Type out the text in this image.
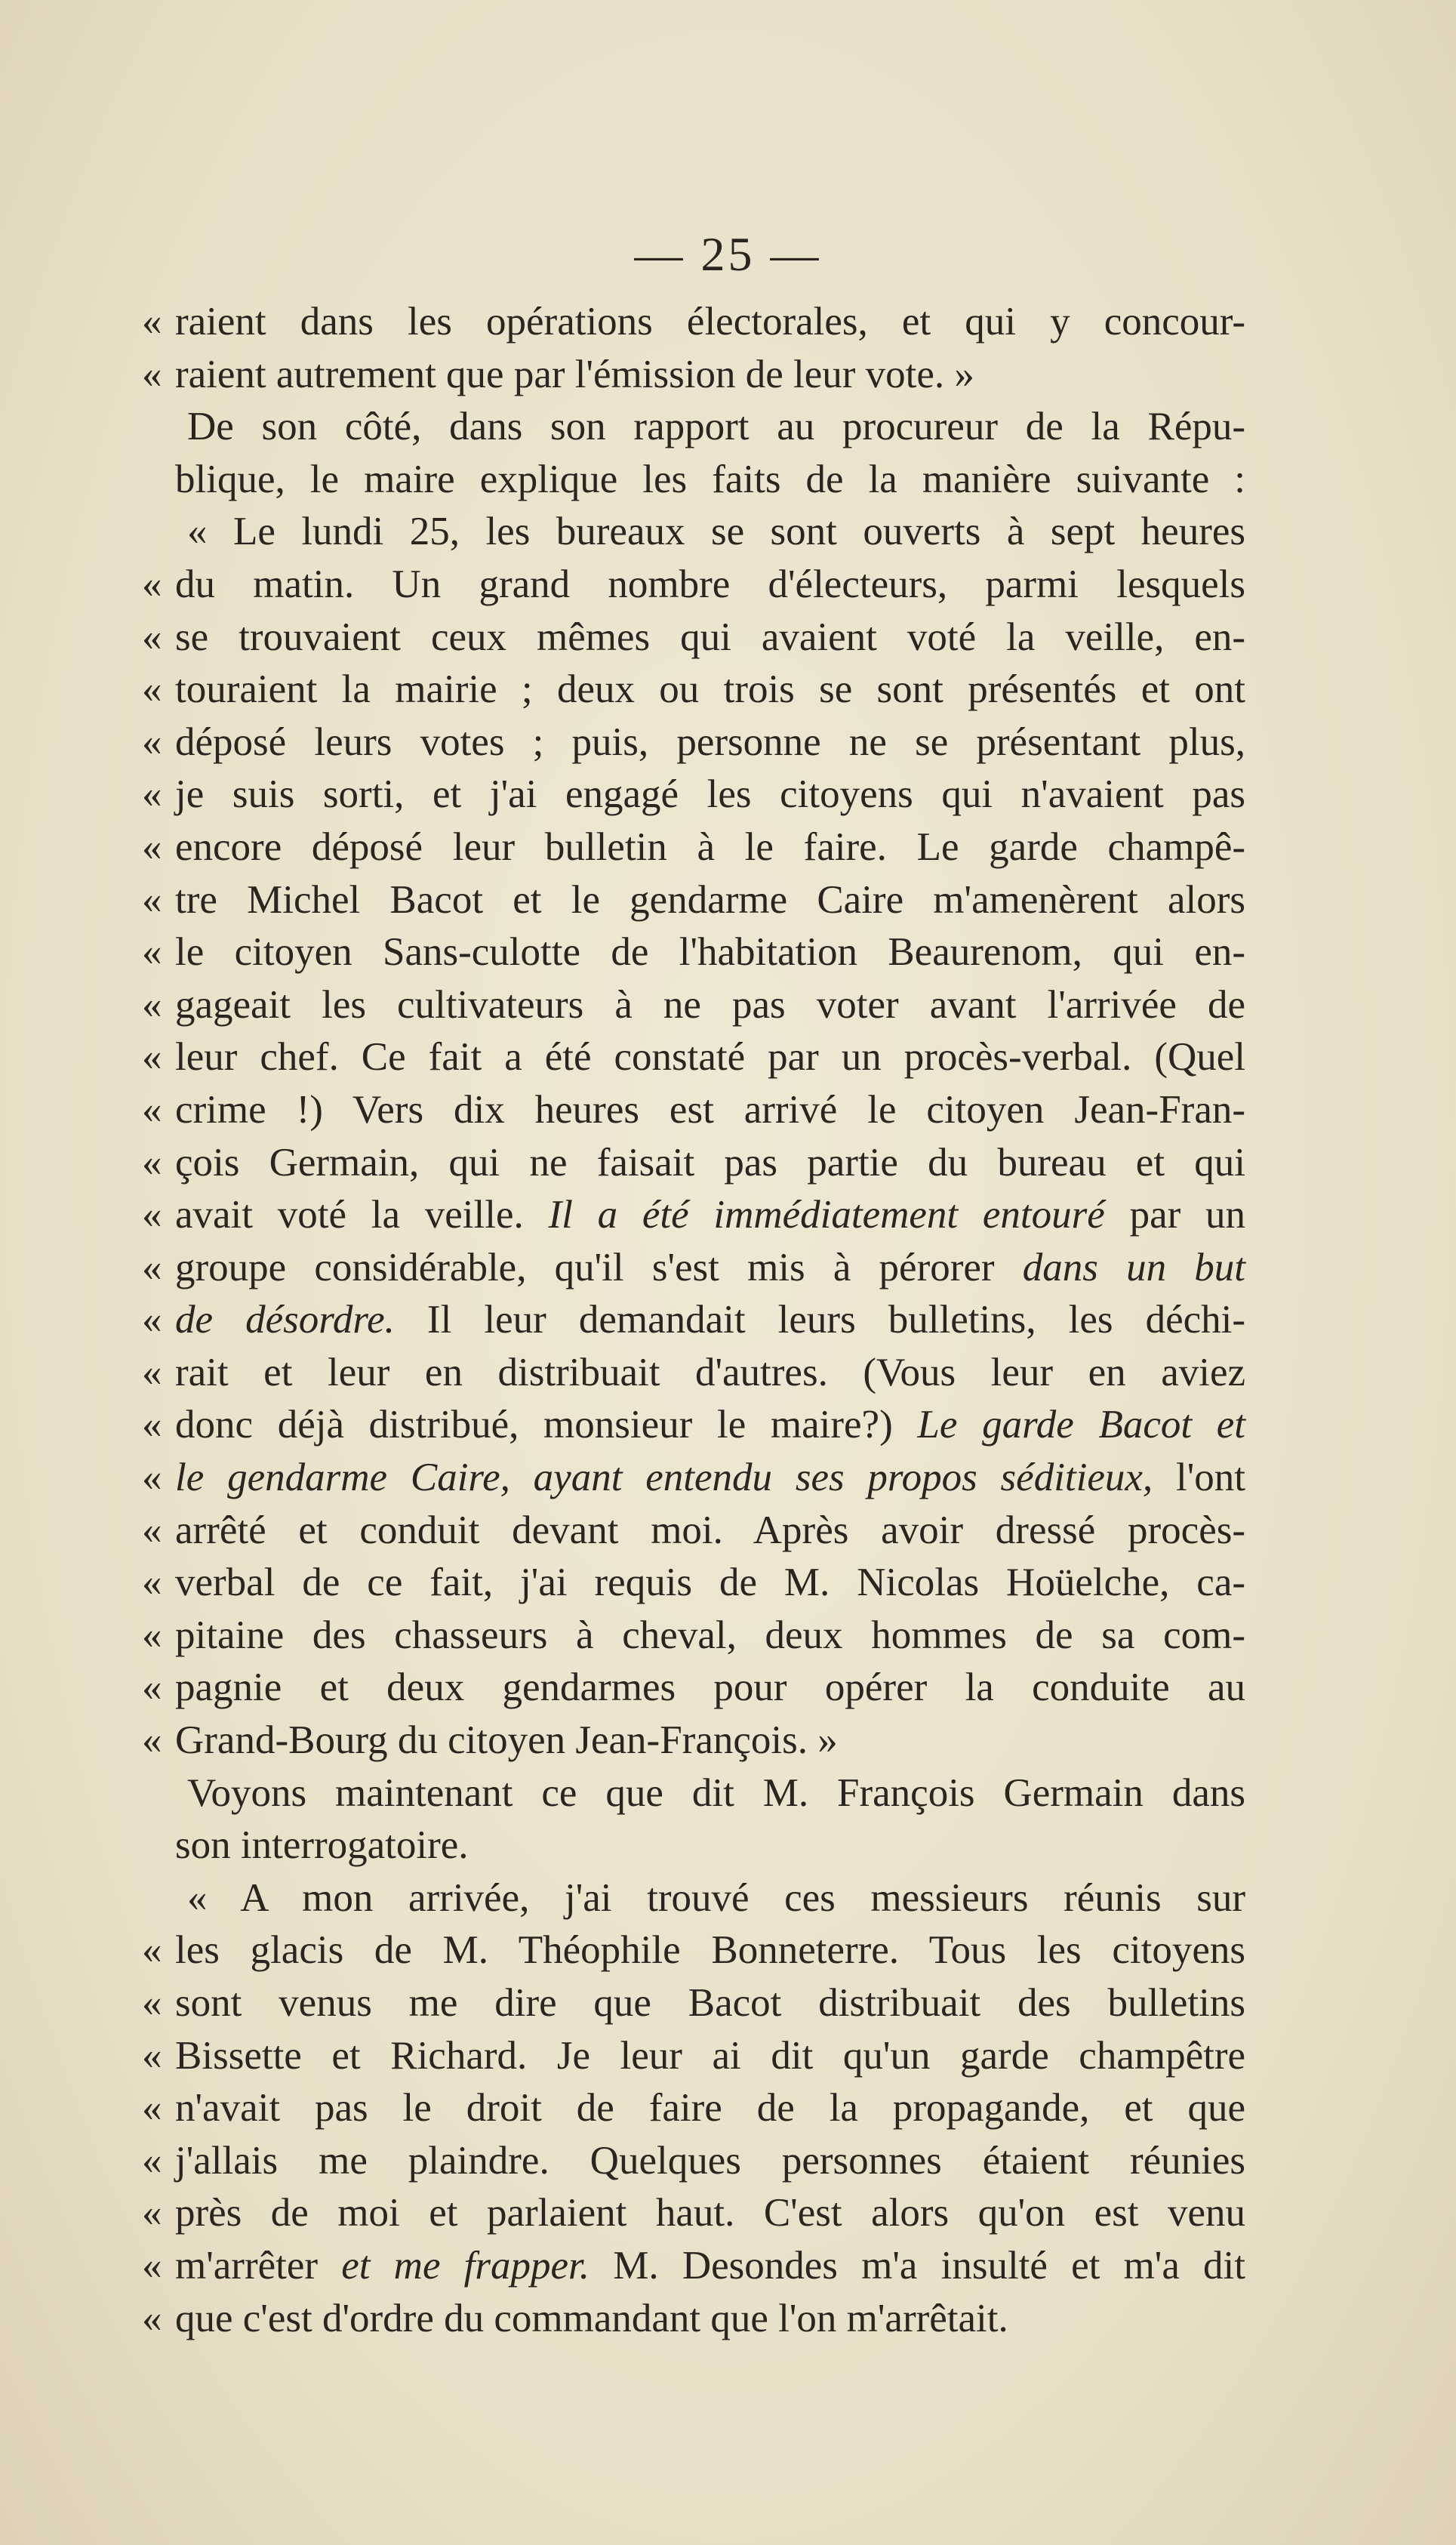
— 25 —
« raient dans les opérations électorales, et qui y concour-
« raient autrement que par l'émission de leur vote. »
De son côté, dans son rapport au procureur de la Répu-
blique, le maire explique les faits de la manière suivante :
« Le lundi 25, les bureaux se sont ouverts à sept heures
« du matin. Un grand nombre d'électeurs, parmi lesquels
« se trouvaient ceux mêmes qui avaient voté la veille, en-
« touraient la mairie ; deux ou trois se sont présentés et ont
« déposé leurs votes ; puis, personne ne se présentant plus,
« je suis sorti, et j'ai engagé les citoyens qui n'avaient pas
« encore déposé leur bulletin à le faire. Le garde champê-
« tre Michel Bacot et le gendarme Caire m'amenèrent alors
« le citoyen Sans-culotte de l'habitation Beaurenom, qui en-
« gageait les cultivateurs à ne pas voter avant l'arrivée de
« leur chef. Ce fait a été constaté par un procès-verbal. (Quel
« crime !) Vers dix heures est arrivé le citoyen Jean-Fran-
« çois Germain, qui ne faisait pas partie du bureau et qui
« avait voté la veille. Il a été immédiatement entouré par un
« groupe considérable, qu'il s'est mis à pérorer dans un but
« de désordre. Il leur demandait leurs bulletins, les déchi-
« rait et leur en distribuait d'autres. (Vous leur en aviez
« donc déjà distribué, monsieur le maire?) Le garde Bacot et
« le gendarme Caire, ayant entendu ses propos séditieux, l'ont
« arrêté et conduit devant moi. Après avoir dressé procès-
« verbal de ce fait, j'ai requis de M. Nicolas Hoüelche, ca-
« pitaine des chasseurs à cheval, deux hommes de sa com-
« pagnie et deux gendarmes pour opérer la conduite au
« Grand-Bourg du citoyen Jean-François. »
Voyons maintenant ce que dit M. François Germain dans
son interrogatoire.
« A mon arrivée, j'ai trouvé ces messieurs réunis sur
« les glacis de M. Théophile Bonneterre. Tous les citoyens
« sont venus me dire que Bacot distribuait des bulletins
« Bissette et Richard. Je leur ai dit qu'un garde champêtre
« n'avait pas le droit de faire de la propagande, et que
« j'allais me plaindre. Quelques personnes étaient réunies
« près de moi et parlaient haut. C'est alors qu'on est venu
« m'arrêter et me frapper. M. Desondes m'a insulté et m'a dit
« que c'est d'ordre du commandant que l'on m'arrêtait.
